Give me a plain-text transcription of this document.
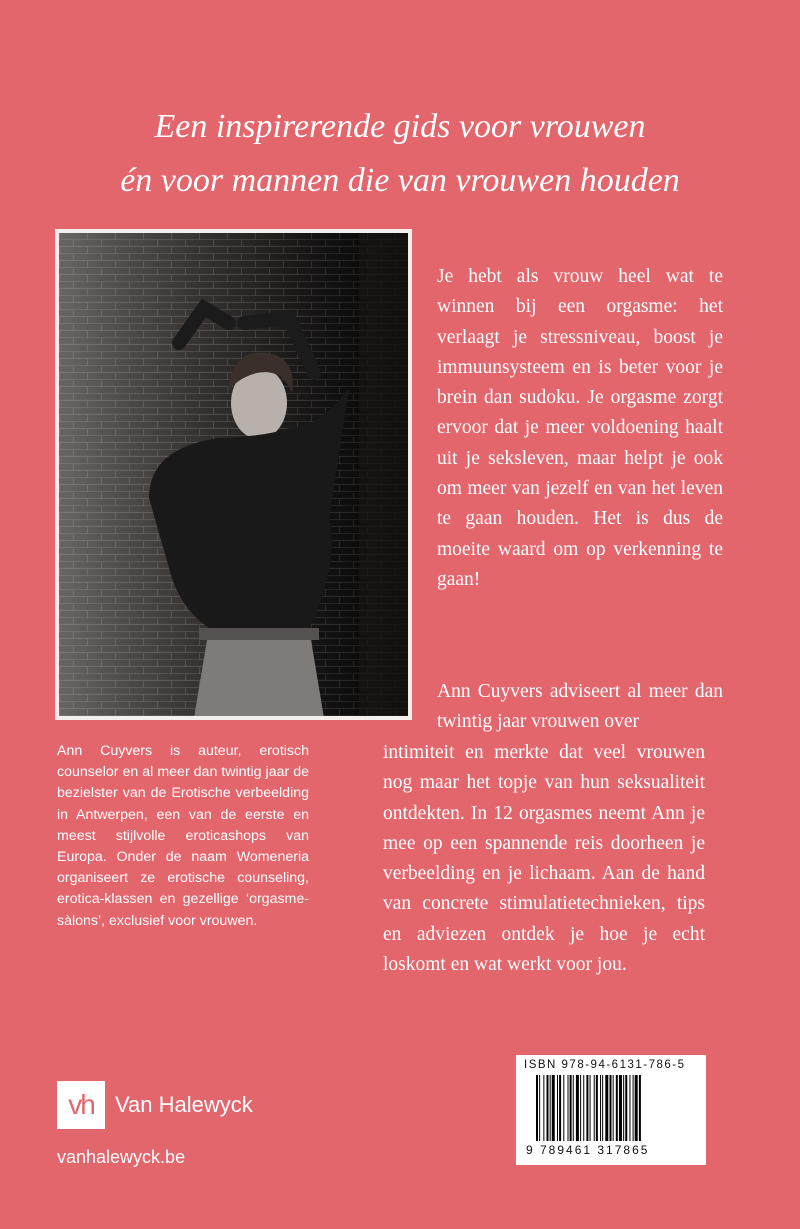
Een inspirerende gids voor vrouwen
én voor mannen die van vrouwen houden
Ann Cuyvers is auteur, erotisch counselor en al meer dan twintig jaar de bezielster van de Erotische verbeelding in Antwerpen, een van de eerste en meest stijlvolle eroticashops van Europa. Onder de naam Womeneria organiseert ze erotische counseling, erotica-klassen en gezellige ‘orgasme-sàlons’, exclusief voor vrouwen.
Je hebt als vrouw heel wat te winnen bij een orgasme: het verlaagt je stressniveau, boost je immuunsysteem en is beter voor je brein dan sudoku. Je orgasme zorgt ervoor dat je meer voldoening haalt uit je seksleven, maar helpt je ook om meer van jezelf en van het leven te gaan houden. Het is dus de moeite waard om op verkenning te gaan!
Ann Cuyvers adviseert al meer dan twintig jaar vrouwen over
intimiteit en merkte dat veel vrouwen nog maar het topje van hun seksualiteit ontdekten. In 12 orgasmes neemt Ann je mee op een spannende reis doorheen je verbeelding en je lichaam. Aan de hand van concrete stimulatietechnieken, tips en adviezen ontdek je hoe je echt loskomt en wat werkt voor jou.
vh Van Halewyck
vanhalewyck.be
ISBN 978-94-6131-786-5
9 789461 317865
